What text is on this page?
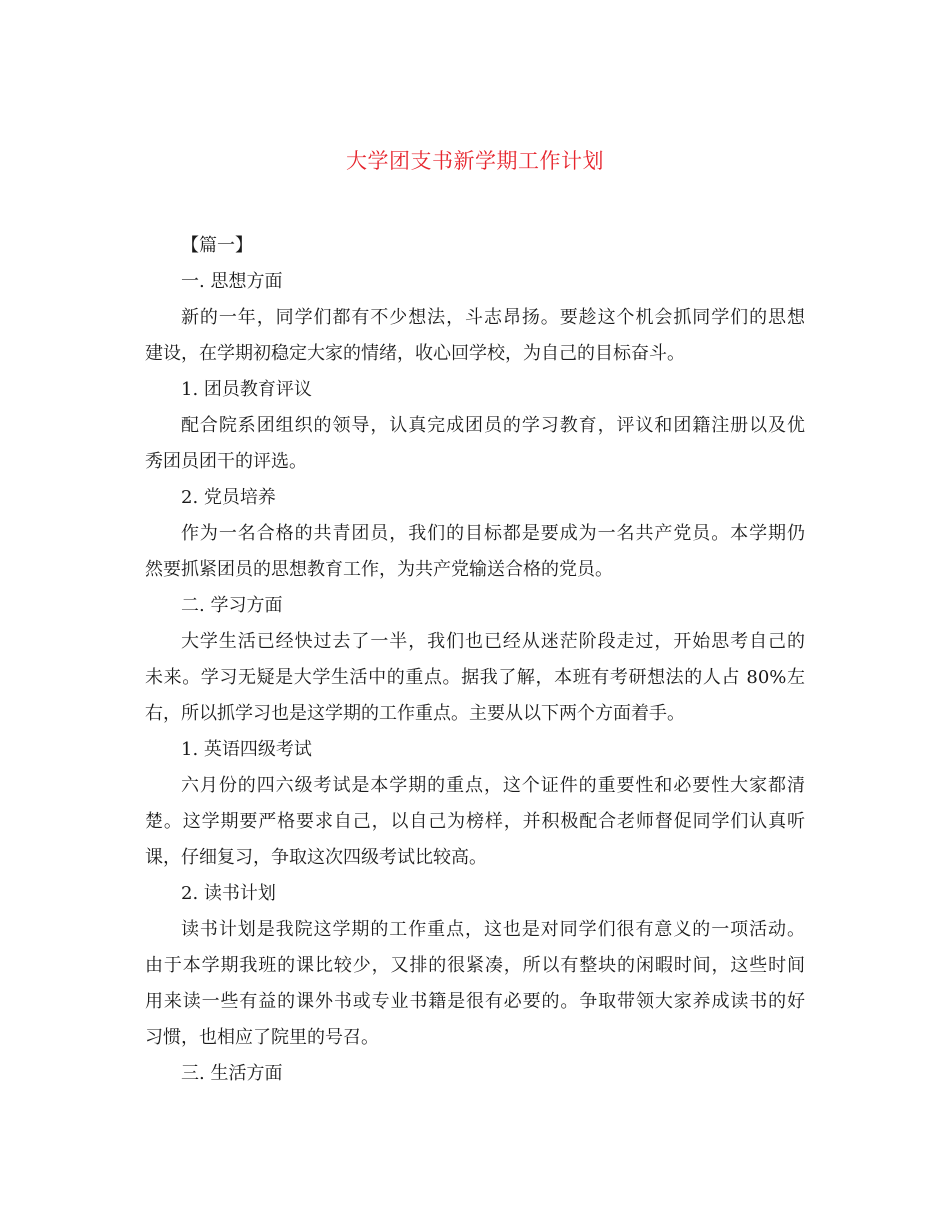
大学团支书新学期工作计划
【篇一】
一. 思想方面
新的一年，同学们都有不少想法，斗志昂扬。要趁这个机会抓同学们的思想
建设，在学期初稳定大家的情绪，收心回学校，为自己的目标奋斗。
1. 团员教育评议
配合院系团组织的领导，认真完成团员的学习教育，评议和团籍注册以及优
秀团员团干的评选。
2. 党员培养
作为一名合格的共青团员，我们的目标都是要成为一名共产党员。本学期仍
然要抓紧团员的思想教育工作，为共产党输送合格的党员。
二. 学习方面
大学生活已经快过去了一半，我们也已经从迷茫阶段走过，开始思考自己的
未来。学习无疑是大学生活中的重点。据我了解，本班有考研想法的人占 80%左
右，所以抓学习也是这学期的工作重点。主要从以下两个方面着手。
1. 英语四级考试
六月份的四六级考试是本学期的重点，这个证件的重要性和必要性大家都清
楚。这学期要严格要求自己，以自己为榜样，并积极配合老师督促同学们认真听
课，仔细复习，争取这次四级考试比较高。
2. 读书计划
读书计划是我院这学期的工作重点，这也是对同学们很有意义的一项活动。
由于本学期我班的课比较少，又排的很紧凑，所以有整块的闲暇时间，这些时间
用来读一些有益的课外书或专业书籍是很有必要的。争取带领大家养成读书的好
习惯，也相应了院里的号召。
三. 生活方面
